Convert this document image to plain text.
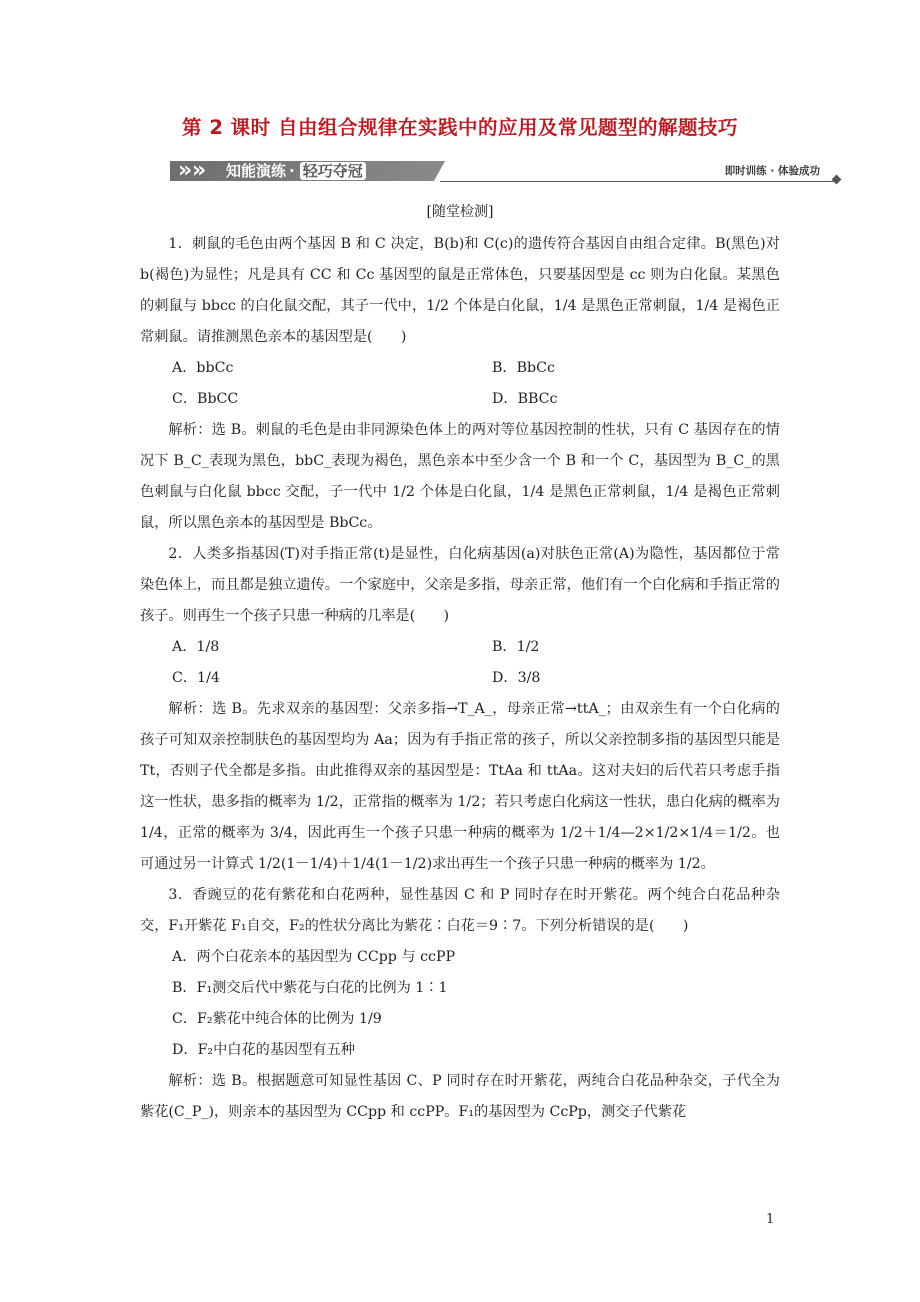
第 2 课时 自由组合规律在实践中的应用及常见题型的解题技巧
» » 知能演练 · 轻巧夺冠	即时训练 · 体验成功
[随堂检测]

1．刺鼠的毛色由两个基因 B 和 C 决定，B(b)和 C(c)的遗传符合基因自由组合定律。B(黑色)对 b(褐色)为显性；凡是具有 CC 和 Cc 基因型的鼠是正常体色，只要基因型是 cc 则为白化鼠。某黑色的刺鼠与 bbcc 的白化鼠交配，其子一代中，1/2 个体是白化鼠，1/4 是黑色正常刺鼠，1/4 是褐色正常刺鼠。请推测黑色亲本的基因型是(　　)

A．bbCc	B．BbCc
C．BbCC	D．BBCc

解析：选 B。刺鼠的毛色是由非同源染色体上的两对等位基因控制的性状，只有 C 基因存在的情况下 B_C_表现为黑色，bbC_表现为褐色，黑色亲本中至少含一个 B 和一个 C，基因型为 B_C_的黑色刺鼠与白化鼠 bbcc 交配，子一代中 1/2 个体是白化鼠，1/4 是黑色正常刺鼠，1/4 是褐色正常刺鼠，所以黑色亲本的基因型是 BbCc。

2．人类多指基因(T)对手指正常(t)是显性，白化病基因(a)对肤色正常(A)为隐性，基因都位于常染色体上，而且都是独立遗传。一个家庭中，父亲是多指，母亲正常，他们有一个白化病和手指正常的孩子。则再生一个孩子只患一种病的几率是(　　)

A．1/8	B．1/2
C．1/4	D．3/8

解析：选 B。先求双亲的基因型：父亲多指→T_A_，母亲正常→ttA_；由双亲生有一个白化病的孩子可知双亲控制肤色的基因型均为 Aa；因为有手指正常的孩子，所以父亲控制多指的基因型只能是 Tt，否则子代全都是多指。由此推得双亲的基因型是：TtAa 和 ttAa。这对夫妇的后代若只考虑手指这一性状，患多指的概率为 1/2，正常指的概率为 1/2；若只考虑白化病这一性状，患白化病的概率为 1/4，正常的概率为 3/4，因此再生一个孩子只患一种病的概率为 1/2＋1/4—2×1/2×1/4＝1/2。也可通过另一计算式 1/2(1－1/4)＋1/4(1－1/2)求出再生一个孩子只患一种病的概率为 1/2。

3．香豌豆的花有紫花和白花两种，显性基因 C 和 P 同时存在时开紫花。两个纯合白花品种杂交，F₁开紫花 F₁自交，F₂的性状分离比为紫花∶白花＝9∶7。下列分析错误的是(　　)

A．两个白花亲本的基因型为 CCpp 与 ccPP
B．F₁测交后代中紫花与白花的比例为 1∶1
C．F₂紫花中纯合体的比例为 1/9
D．F₂中白花的基因型有五种

解析：选 B。根据题意可知显性基因 C、P 同时存在时开紫花，两纯合白花品种杂交，子代全为紫花(C_P_)，则亲本的基因型为 CCpp 和 ccPP。F₁的基因型为 CcPp，测交子代紫花

1
